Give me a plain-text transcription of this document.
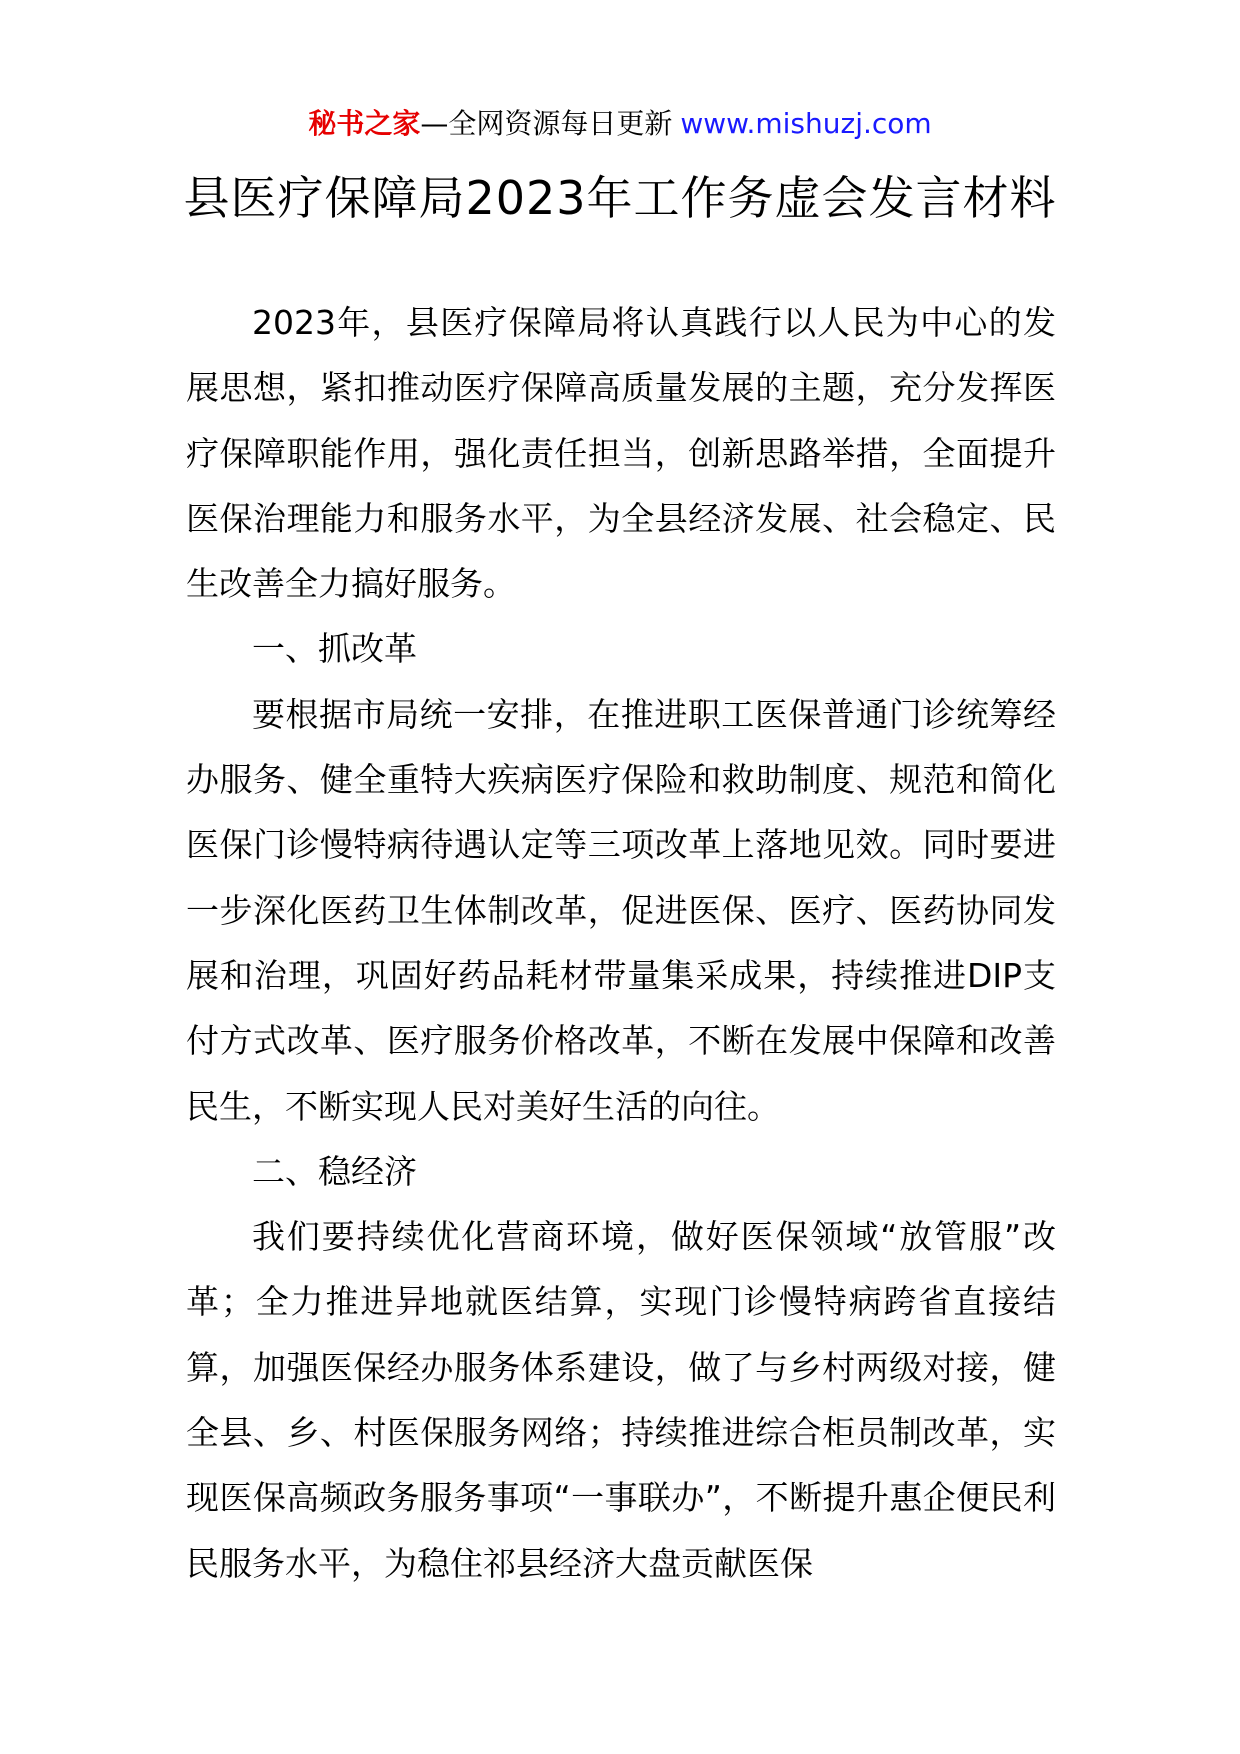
秘书之家—全网资源每日更新 www.mishuzj.com
县医疗保障局2023年工作务虚会发言材料

2023年，县医疗保障局将认真践行以人民为中心的发展思想，紧扣推动医疗保障高质量发展的主题，充分发挥医疗保障职能作用，强化责任担当，创新思路举措，全面提升医保治理能力和服务水平，为全县经济发展、社会稳定、民生改善全力搞好服务。

一、抓改革

要根据市局统一安排，在推进职工医保普通门诊统筹经办服务、健全重特大疾病医疗保险和救助制度、规范和简化医保门诊慢特病待遇认定等三项改革上落地见效。同时要进一步深化医药卫生体制改革，促进医保、医疗、医药协同发展和治理，巩固好药品耗材带量集采成果，持续推进DIP支付方式改革、医疗服务价格改革，不断在发展中保障和改善民生，不断实现人民对美好生活的向往。

二、稳经济

我们要持续优化营商环境，做好医保领域“放管服”改革；全力推进异地就医结算，实现门诊慢特病跨省直接结算，加强医保经办服务体系建设，做了与乡村两级对接，健全县、乡、村医保服务网络；持续推进综合柜员制改革，实现医保高频政务服务事项“一事联办”，不断提升惠企便民利民服务水平，为稳住祁县经济大盘贡献医保
